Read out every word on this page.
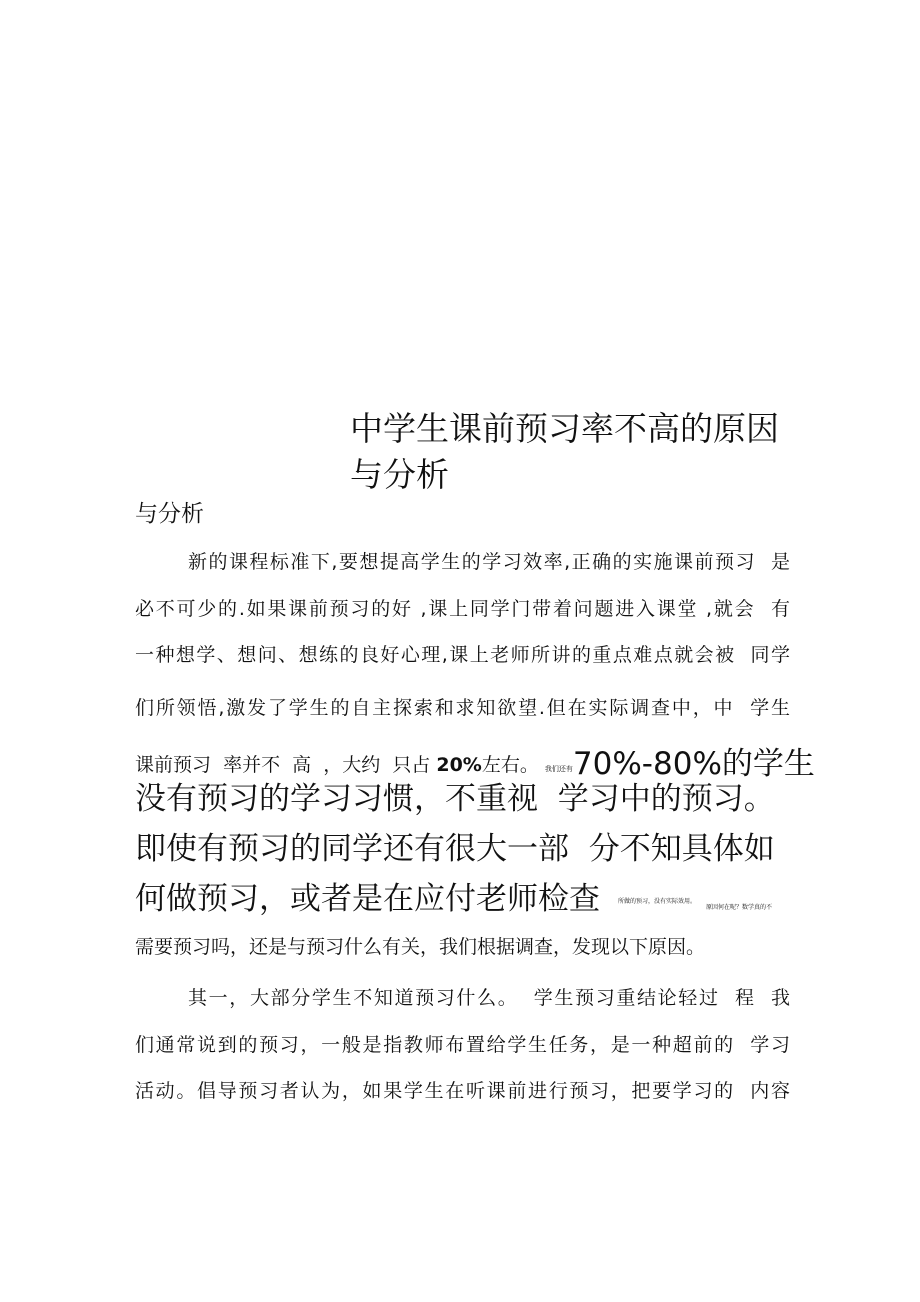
中学生课前预习率不高的原因
与分析
与分析
新的课程标准下,要想提高学生的学习效率,正确的实施课前预习  是
必不可少的.如果课前预习的好 ,课上同学门带着问题进入课堂 ,就会  有
一种想学、想问、想练的良好心理,课上老师所讲的重点难点就会被  同学
们所领悟,激发了学生的自主探索和求知欲望.但在实际调查中，中  学生
课前预习  率并不  高  ，大约  只占 20%左右。 我们还有70%-80%的学生
没有预习的学习习惯，不重视  学习中的预习。
即使有预习的同学还有很大一部  分不知具体如
何做预习，或者是在应付老师检查	所做的预习，没有实际效用。
原因何在呢？数学真的不
需要预习吗，还是与预习什么有关，我们根据调查，发现以下原因。
其一，大部分学生不知道预习什么。  学生预习重结论轻过  程  我
们通常说到的预习，一般是指教师布置给学生任务，是一种超前的  学习
活动。倡导预习者认为，如果学生在听课前进行预习，把要学习的  内容
